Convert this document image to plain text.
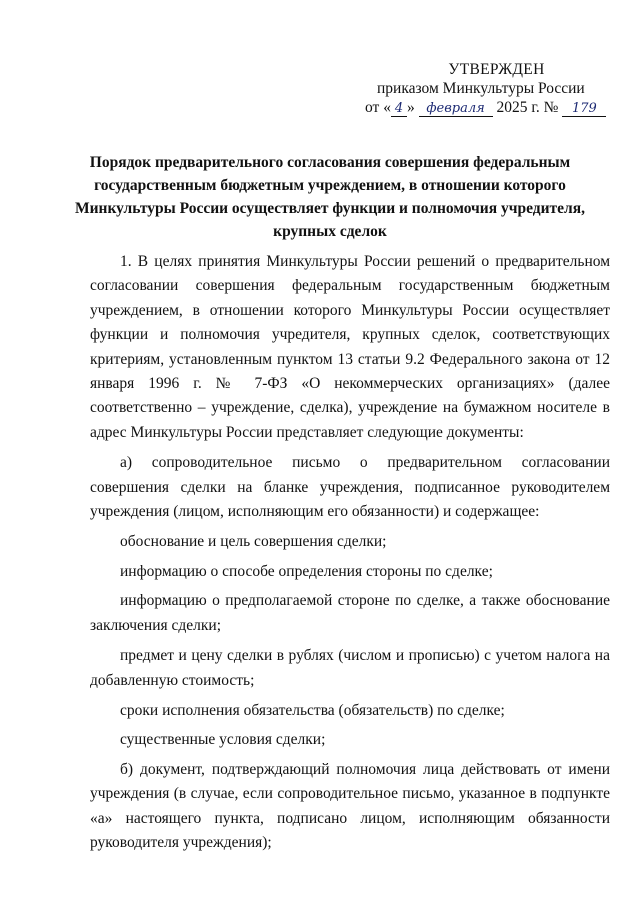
УТВЕРЖДЕН
приказом Минкультуры России
от « 4 » февраля 2025 г. № 179
Порядок предварительного согласования совершения федеральным государственным бюджетным учреждением, в отношении которого Минкультуры России осуществляет функции и полномочия учредителя, крупных сделок

1. В целях принятия Минкультуры России решений о предварительном согласовании совершения федеральным государственным бюджетным учреждением, в отношении которого Минкультуры России осуществляет функции и полномочия учредителя, крупных сделок, соответствующих критериям, установленным пунктом 13 статьи 9.2 Федерального закона от 12 января 1996 г. № 7-ФЗ «О некоммерческих организациях» (далее соответственно – учреждение, сделка), учреждение на бумажном носителе в адрес Минкультуры России представляет следующие документы:

а) сопроводительное письмо о предварительном согласовании совершения сделки на бланке учреждения, подписанное руководителем учреждения (лицом, исполняющим его обязанности) и содержащее:

обоснование и цель совершения сделки;

информацию о способе определения стороны по сделке;

информацию о предполагаемой стороне по сделке, а также обоснование заключения сделки;

предмет и цену сделки в рублях (числом и прописью) с учетом налога на добавленную стоимость;

сроки исполнения обязательства (обязательств) по сделке;

существенные условия сделки;

б) документ, подтверждающий полномочия лица действовать от имени учреждения (в случае, если сопроводительное письмо, указанное в подпункте «а» настоящего пункта, подписано лицом, исполняющим обязанности руководителя учреждения);
